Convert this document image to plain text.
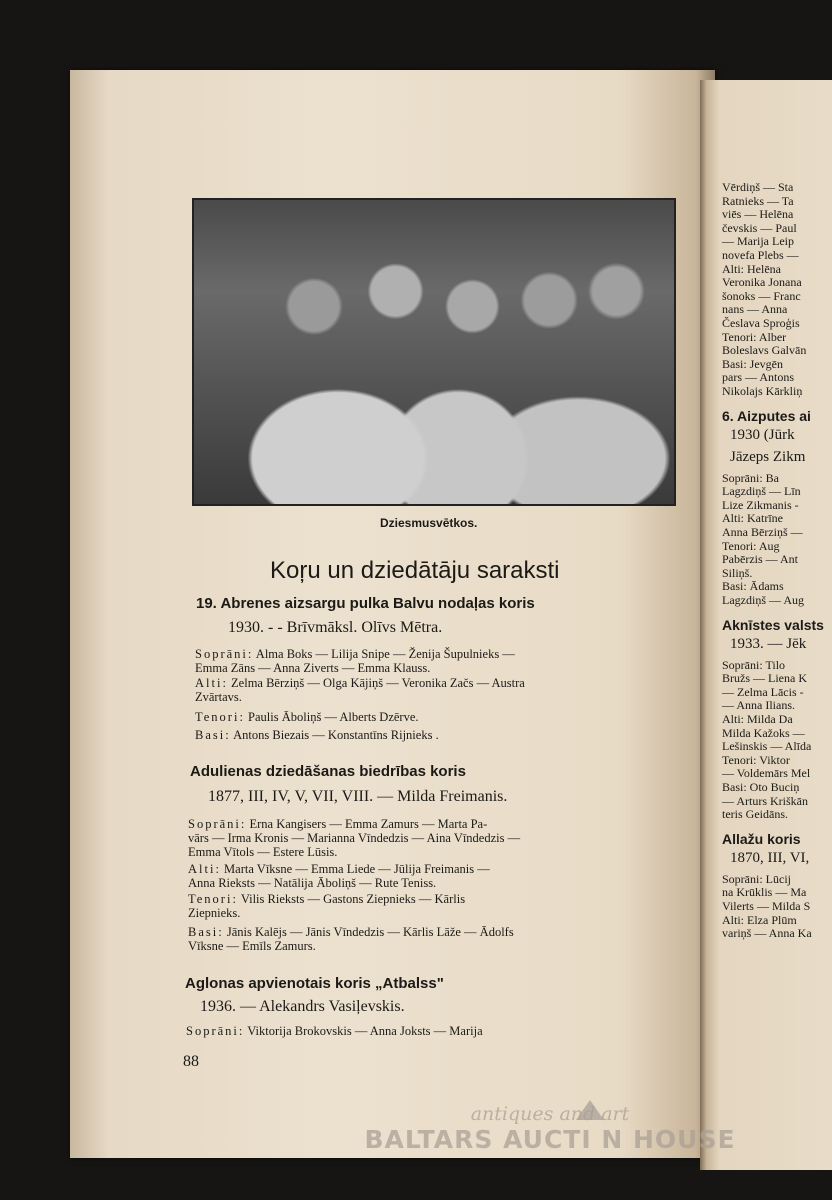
Vērdiņš — Sta
Ratnieks — Ta
viēs — Helēna
čevskis — Paul
— Marija Leip
novefa Plebs —
Alti: Helēna
Veronika Jonana
šonoks — Franc
nans — Anna
Česlava Sproģis
Tenori: Alber
Boleslavs Galvān
Basi: Jevgēn
pars — Antons
Nikolajs Kārkliņ
6. Aizputes ai
1930 (Jūrk
Jāzeps Zikm
Soprāni: Ba
Lagzdiņš — Līn
Lize Zikmanis -
Alti: Katrīne
Anna Bērziņš —
Tenori: Aug
Pabērzis — Ant
Siliņš.
Basi: Ādams
Lagzdiņš — Aug
Aknīstes valsts
1933. — Jēk
Soprāni: Tilo
Bružs — Liena K
— Zelma Lācis -
— Anna Ilians.
Alti: Milda Da
Milda Kažoks —
Lešinskis — Alīda
Tenori: Viktor
— Voldemārs Mel
Basi: Oto Buciņ
— Arturs Kriškān
teris Geidāns.
Allažu koris
1870, III, VI,
Soprāni: Lūcij
na Krūklis — Ma
Vilerts — Milda S
Alti: Elza Plūm
variņš — Anna Ka
Dziesmusvētkos.
Koŗu un dziedātāju saraksti
19. Abrenes aizsargu pulka Balvu nodaļas koris
1930. - - Brīvmāksl. Olīvs Mētra.
Soprāni: Alma Boks — Lilija Snipe — Ženija Šupulnieks —
Emma Zāns — Anna Ziverts — Emma Klauss.
Alti: Zelma Bērziņš — Olga Kājiņš — Veronika Začs — Austra
Zvārtavs.
Tenori: Paulis Āboliņš — Alberts Dzērve.
Basi: Antons Biezais — Konstantīns Rijnieks .
Adulienas dziedāšanas biedrības koris
1877, III, IV, V, VII, VIII. — Milda Freimanis.
Soprāni: Erna Kangisers — Emma Zamurs — Marta Pa-
vārs — Irma Kronis — Marianna Vīndedzis — Aina Vīndedzis —
Emma Vītols — Estere Lūsis.
Alti: Marta Vīksne — Emma Liede — Jūlija Freimanis —
Anna Rieksts — Natālija Āboliņš — Rute Teniss.
Tenori: Vilis Rieksts — Gastons Ziepnieks — Kārlis
Ziepnieks.
Basi: Jānis Kalējs — Jānis Vīndedzis — Kārlis Lāže — Ādolfs
Vīksne — Emīls Zamurs.
Aglonas apvienotais koris „Atbalss"
1936. — Alekandrs Vasiļevskis.
Soprāni: Viktorija Brokovskis — Anna Joksts — Marija
88
antiques and art
BALTARS AUCTI N HOUSE
